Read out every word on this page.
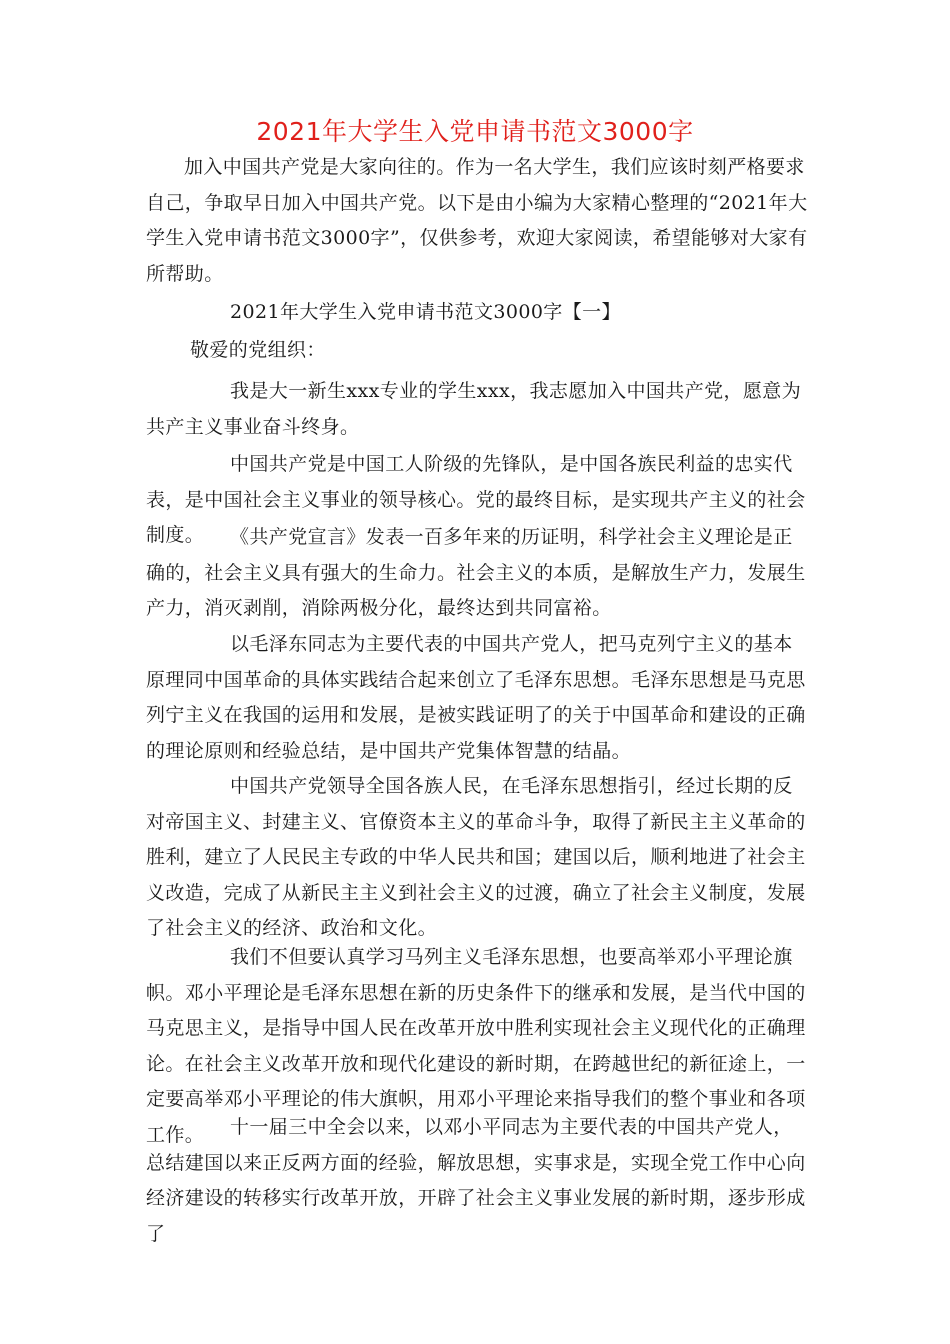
2021年大学生入党申请书范文3000字
加入中国共产党是大家向往的。作为一名大学生，我们应该时刻严格要求自己，争取早日加入中国共产党。以下是由小编为大家精心整理的“2021年大学生入党申请书范文3000字”，仅供参考，欢迎大家阅读，希望能够对大家有所帮助。
2021年大学生入党申请书范文3000字【一】
敬爱的党组织：
我是大一新生xxx专业的学生xxx，我志愿加入中国共产党，愿意为共产主义事业奋斗终身。
中国共产党是中国工人阶级的先锋队，是中国各族民利益的忠实代表，是中国社会主义事业的领导核心。党的最终目标，是实现共产主义的社会制度。	《共产党宣言》发表一百多年来的历证明，科学社会主义理论是正确的，社会主义具有强大的生命力。社会主义的本质，是解放生产力，发展生产力，消灭剥削，消除两极分化，最终达到共同富裕。
以毛泽东同志为主要代表的中国共产党人，把马克列宁主义的基本原理同中国革命的具体实践结合起来创立了毛泽东思想。毛泽东思想是马克思列宁主义在我国的运用和发展，是被实践证明了的关于中国革命和建设的正确的理论原则和经验总结，是中国共产党集体智慧的结晶。
中国共产党领导全国各族人民，在毛泽东思想指引，经过长期的反对帝国主义、封建主义、官僚资本主义的革命斗争，取得了新民主主义革命的胜利，建立了人民民主专政的中华人民共和国；建国以后，顺利地进了社会主义改造，完成了从新民主主义到社会主义的过渡，确立了社会主义制度，发展了社会主义的经济、政治和文化。
我们不但要认真学习马列主义毛泽东思想，也要高举邓小平理论旗帜。邓小平理论是毛泽东思想在新的历史条件下的继承和发展，是当代中国的马克思主义，是指导中国人民在改革开放中胜利实现社会主义现代化的正确理论。在社会主义改革开放和现代化建设的新时期，在跨越世纪的新征途上，一定要高举邓小平理论的伟大旗帜，用邓小平理论来指导我们的整个事业和各项工作。	十一届三中全会以来，以邓小平同志为主要代表的中国共产党人，总结建国以来正反两方面的经验，解放思想，实事求是，实现全党工作中心向经济建设的转移实行改革开放，开辟了社会主义事业发展的新时期，逐步形成了
